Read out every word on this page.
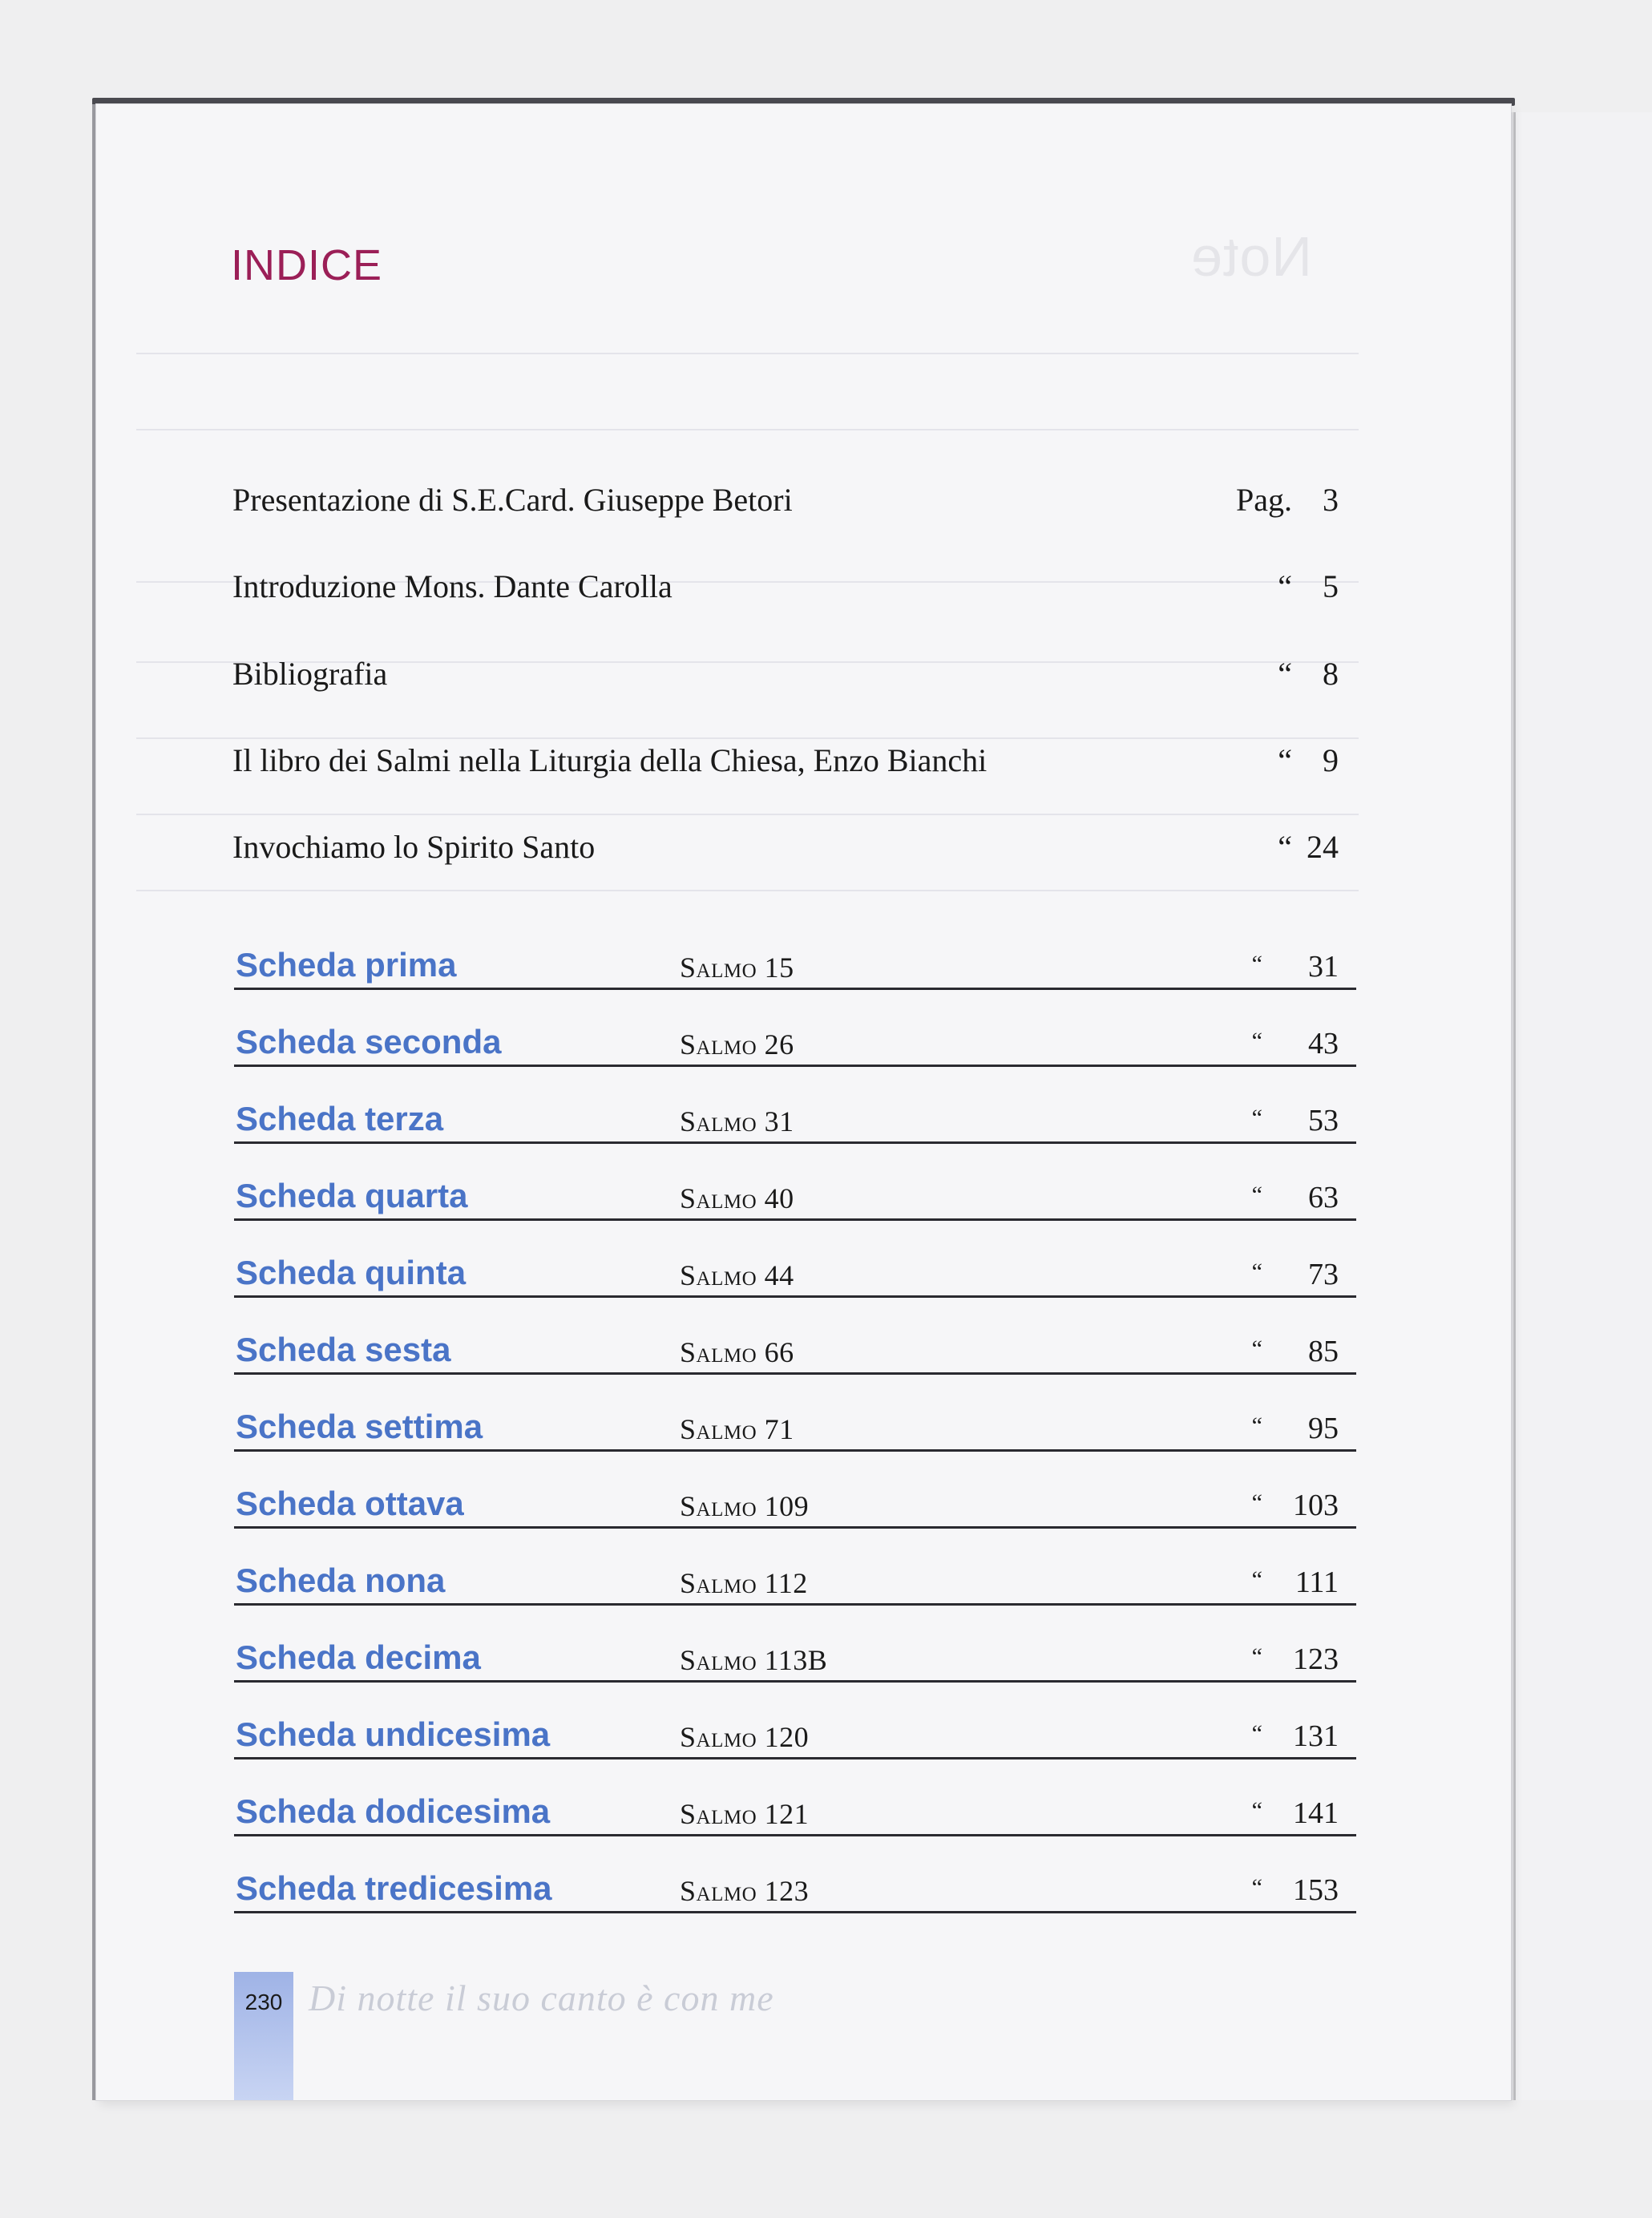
Note
INDICE
Presentazione di S.E.Card. Giuseppe Betori	Pag. 3
Introduzione Mons. Dante Carolla	“ 5
Bibliografia	“ 8
Il libro dei Salmi nella Liturgia della Chiesa, Enzo Bianchi	“ 9
Invochiamo lo Spirito Santo	“ 24
Scheda prima	Salmo 15	“ 31
Scheda seconda	Salmo 26	“ 43
Scheda terza	Salmo 31	“ 53
Scheda quarta	Salmo 40	“ 63
Scheda quinta	Salmo 44	“ 73
Scheda sesta	Salmo 66	“ 85
Scheda settima	Salmo 71	“ 95
Scheda ottava	Salmo 109	“ 103
Scheda nona	Salmo 112	“ 111
Scheda decima	Salmo 113B	“ 123
Scheda undicesima	Salmo 120	“ 131
Scheda dodicesima	Salmo 121	“ 141
Scheda tredicesima	Salmo 123	“ 153
230 Di notte il suo canto è con me
